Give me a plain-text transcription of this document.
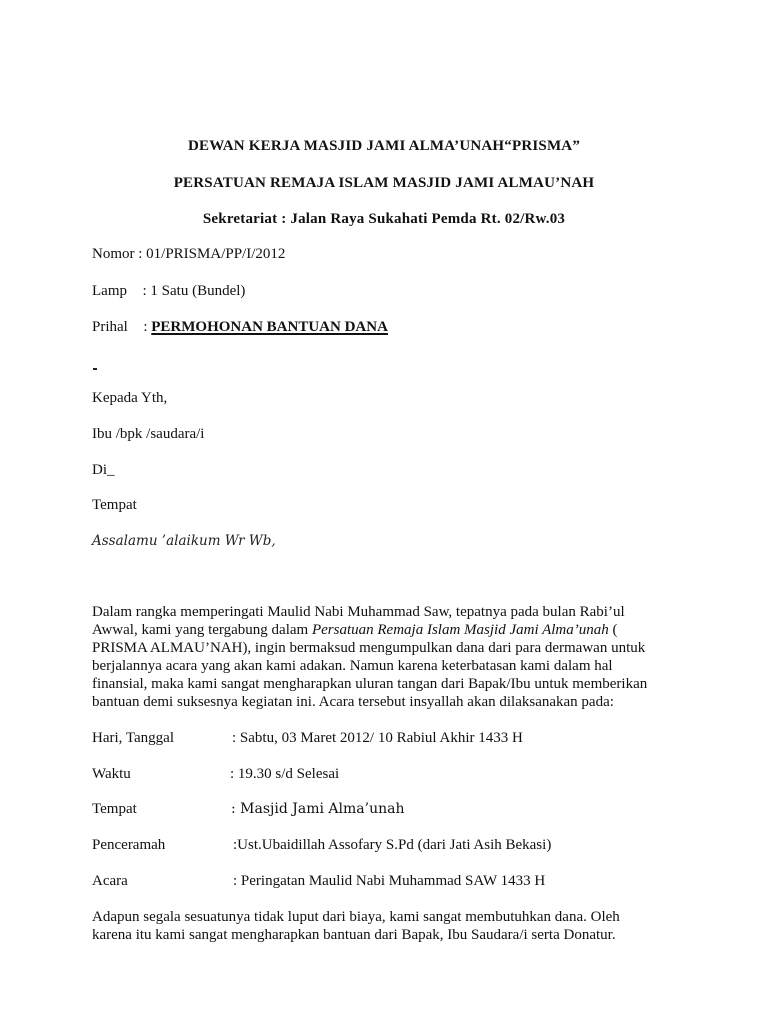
DEWAN KERJA MASJID JAMI ALMA’UNAH“PRISMA”
PERSATUAN REMAJA ISLAM MASJID JAMI ALMAU’NAH
Sekretariat : Jalan Raya Sukahati Pemda Rt. 02/Rw.03
Nomor : 01/PRISMA/PP/I/2012
Lamp : 1 Satu (Bundel)
Prihal : PERMOHONAN BANTUAN DANA
Kepada Yth,
Ibu /bpk /saudara/i
Di_
Tempat
Assalamu ’alaikum Wr Wb,
Dalam rangka memperingati Maulid Nabi Muhammad Saw, tepatnya pada bulan Rabi’ul
Awwal, kami yang tergabung dalam Persatuan Remaja Islam Masjid Jami Alma’unah (
PRISMA ALMAU’NAH), ingin bermaksud mengumpulkan dana dari para dermawan untuk
berjalannya acara yang akan kami adakan. Namun karena keterbatasan kami dalam hal
finansial, maka kami sangat mengharapkan uluran tangan dari Bapak/Ibu untuk memberikan
bantuan demi suksesnya kegiatan ini. Acara tersebut insyallah akan dilaksanakan pada:
Hari, Tanggal	: Sabtu, 03 Maret 2012/ 10 Rabiul Akhir 1433 H
Waktu	: 19.30 s/d Selesai
Tempat	: Masjid Jami Alma’unah
Penceramah	:Ust.Ubaidillah Assofary S.Pd (dari Jati Asih Bekasi)
Acara	: Peringatan Maulid Nabi Muhammad SAW 1433 H
Adapun segala sesuatunya tidak luput dari biaya, kami sangat membutuhkan dana. Oleh
karena itu kami sangat mengharapkan bantuan dari Bapak, Ibu Saudara/i serta Donatur.
